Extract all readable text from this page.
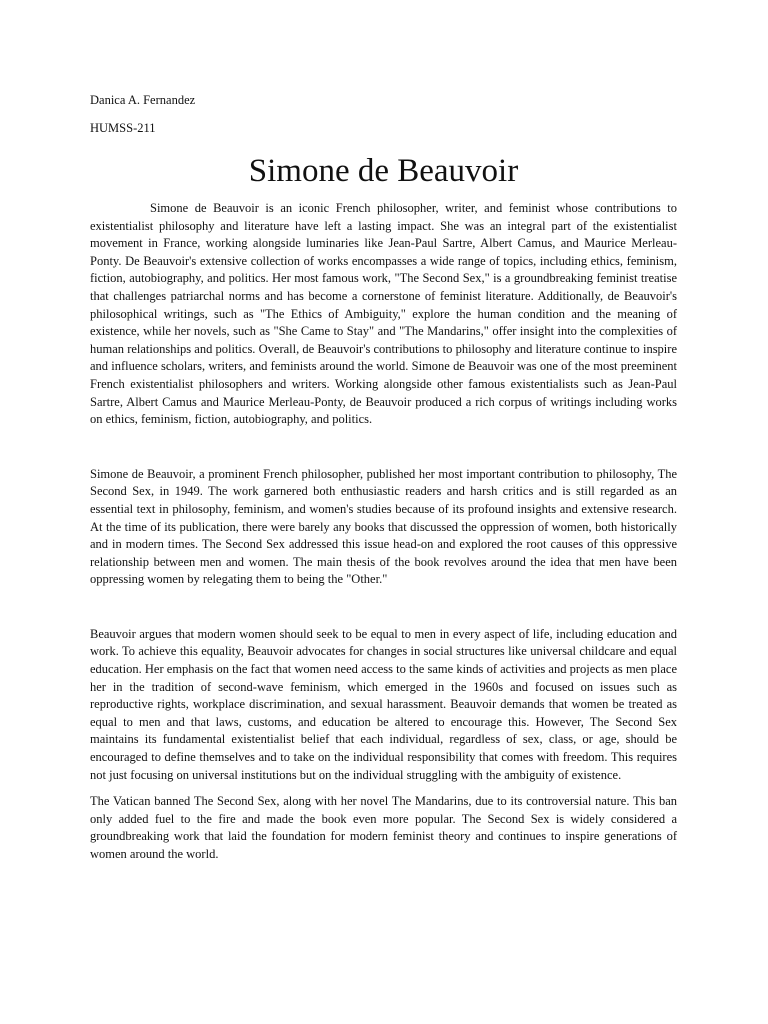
Danica A. Fernandez

HUMSS-211

Simone de Beauvoir

Simone de Beauvoir is an iconic French philosopher, writer, and feminist whose contributions to existentialist philosophy and literature have left a lasting impact. She was an integral part of the existentialist movement in France, working alongside luminaries like Jean-Paul Sartre, Albert Camus, and Maurice Merleau-Ponty. De Beauvoir's extensive collection of works encompasses a wide range of topics, including ethics, feminism, fiction, autobiography, and politics. Her most famous work, "The Second Sex," is a groundbreaking feminist treatise that challenges patriarchal norms and has become a cornerstone of feminist literature. Additionally, de Beauvoir's philosophical writings, such as "The Ethics of Ambiguity," explore the human condition and the meaning of existence, while her novels, such as "She Came to Stay" and "The Mandarins," offer insight into the complexities of human relationships and politics. Overall, de Beauvoir's contributions to philosophy and literature continue to inspire and influence scholars, writers, and feminists around the world. Simone de Beauvoir was one of the most preeminent French existentialist philosophers and writers. Working alongside other famous existentialists such as Jean-Paul Sartre, Albert Camus and Maurice Merleau-Ponty, de Beauvoir produced a rich corpus of writings including works on ethics, feminism, fiction, autobiography, and politics.

Simone de Beauvoir, a prominent French philosopher, published her most important contribution to philosophy, The Second Sex, in 1949. The work garnered both enthusiastic readers and harsh critics and is still regarded as an essential text in philosophy, feminism, and women's studies because of its profound insights and extensive research. At the time of its publication, there were barely any books that discussed the oppression of women, both historically and in modern times. The Second Sex addressed this issue head-on and explored the root causes of this oppressive relationship between men and women. The main thesis of the book revolves around the idea that men have been oppressing women by relegating them to being the "Other."

Beauvoir argues that modern women should seek to be equal to men in every aspect of life, including education and work. To achieve this equality, Beauvoir advocates for changes in social structures like universal childcare and equal education. Her emphasis on the fact that women need access to the same kinds of activities and projects as men place her in the tradition of second-wave feminism, which emerged in the 1960s and focused on issues such as reproductive rights, workplace discrimination, and sexual harassment. Beauvoir demands that women be treated as equal to men and that laws, customs, and education be altered to encourage this. However, The Second Sex maintains its fundamental existentialist belief that each individual, regardless of sex, class, or age, should be encouraged to define themselves and to take on the individual responsibility that comes with freedom. This requires not just focusing on universal institutions but on the individual struggling with the ambiguity of existence.

The Vatican banned The Second Sex, along with her novel The Mandarins, due to its controversial nature. This ban only added fuel to the fire and made the book even more popular. The Second Sex is widely considered a groundbreaking work that laid the foundation for modern feminist theory and continues to inspire generations of women around the world.
